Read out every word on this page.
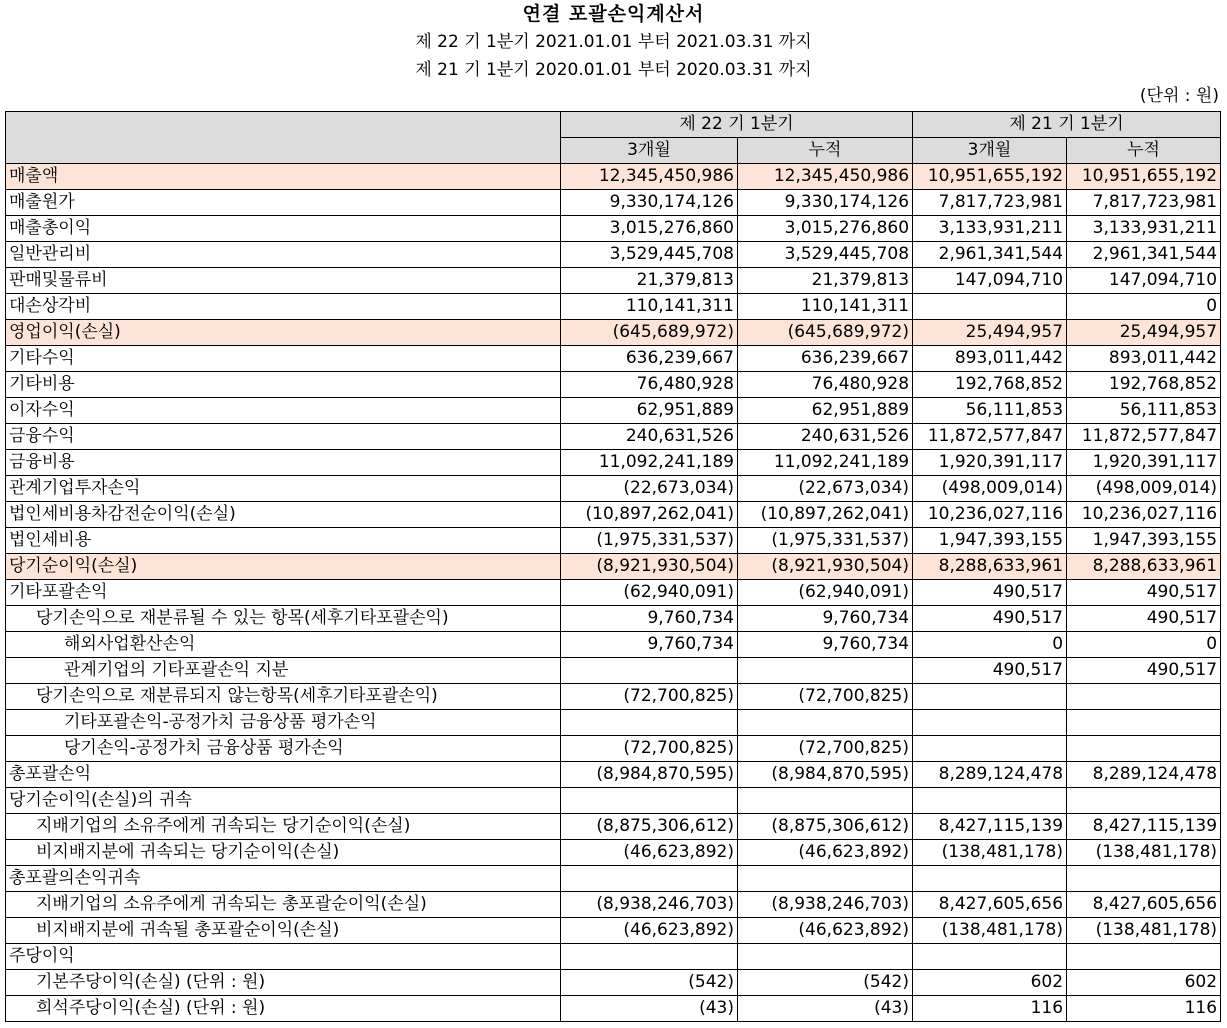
연결 포괄손익계산서
제 22 기 1분기 2021.01.01 부터 2021.03.31 까지
제 21 기 1분기 2020.01.01 부터 2020.03.31 까지
(단위 : 원)
	제 22 기 1분기		제 21 기 1분기	
	3개월	누적	3개월	누적
매출액	12,345,450,986	12,345,450,986	10,951,655,192	10,951,655,192
매출원가	9,330,174,126	9,330,174,126	7,817,723,981	7,817,723,981
매출총이익	3,015,276,860	3,015,276,860	3,133,931,211	3,133,931,211
일반관리비	3,529,445,708	3,529,445,708	2,961,341,544	2,961,341,544
판매및물류비	21,379,813	21,379,813	147,094,710	147,094,710
대손상각비	110,141,311	110,141,311		0
영업이익(손실)	(645,689,972)	(645,689,972)	25,494,957	25,494,957
기타수익	636,239,667	636,239,667	893,011,442	893,011,442
기타비용	76,480,928	76,480,928	192,768,852	192,768,852
이자수익	62,951,889	62,951,889	56,111,853	56,111,853
금융수익	240,631,526	240,631,526	11,872,577,847	11,872,577,847
금융비용	11,092,241,189	11,092,241,189	1,920,391,117	1,920,391,117
관계기업투자손익	(22,673,034)	(22,673,034)	(498,009,014)	(498,009,014)
법인세비용차감전순이익(손실)	(10,897,262,041)	(10,897,262,041)	10,236,027,116	10,236,027,116
법인세비용	(1,975,331,537)	(1,975,331,537)	1,947,393,155	1,947,393,155
당기순이익(손실)	(8,921,930,504)	(8,921,930,504)	8,288,633,961	8,288,633,961
기타포괄손익	(62,940,091)	(62,940,091)	490,517	490,517
당기손익으로 재분류될 수 있는 항목(세후기타포괄손익)	9,760,734	9,760,734	490,517	490,517
해외사업환산손익	9,760,734	9,760,734	0	0
관계기업의 기타포괄손익 지분			490,517	490,517
당기손익으로 재분류되지 않는항목(세후기타포괄손익)	(72,700,825)	(72,700,825)		
기타포괄손익-공정가치 금융상품 평가손익				
당기손익-공정가치 금융상품 평가손익	(72,700,825)	(72,700,825)		
총포괄손익	(8,984,870,595)	(8,984,870,595)	8,289,124,478	8,289,124,478
당기순이익(손실)의 귀속				
지배기업의 소유주에게 귀속되는 당기순이익(손실)	(8,875,306,612)	(8,875,306,612)	8,427,115,139	8,427,115,139
비지배지분에 귀속되는 당기순이익(손실)	(46,623,892)	(46,623,892)	(138,481,178)	(138,481,178)
총포괄의손익귀속				
지배기업의 소유주에게 귀속되는 총포괄순이익(손실)	(8,938,246,703)	(8,938,246,703)	8,427,605,656	8,427,605,656
비지배지분에 귀속될 총포괄순이익(손실)	(46,623,892)	(46,623,892)	(138,481,178)	(138,481,178)
주당이익				
기본주당이익(손실) (단위 : 원)	(542)	(542)	602	602
희석주당이익(손실) (단위 : 원)	(43)	(43)	116	116
